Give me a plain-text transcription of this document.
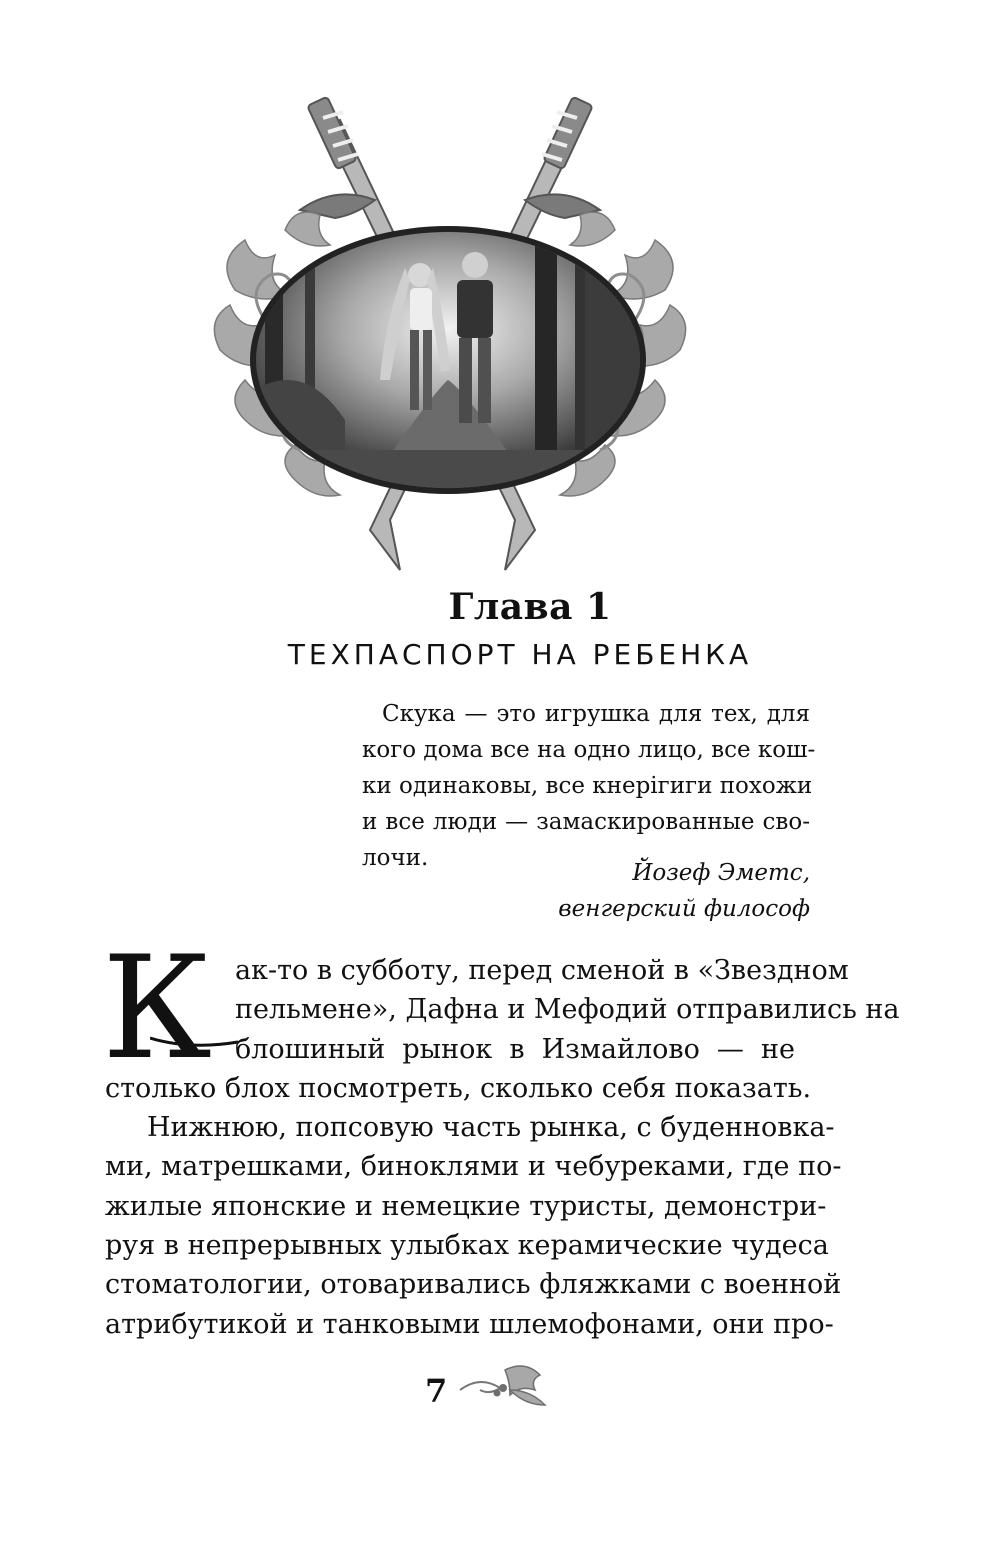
Глава 1
ТЕХПАСПОРТ НА РЕБЕНКА
Скука — это игрушка для тех, для
кого дома все на одно лицо, все кош-
ки одинаковы, все кнерiгиги похожи
и все люди — замаскированные сво-
лочи.
Йозеф Эметс,
венгерский философ
К ак-то в субботу, перед сменой в «Звездном
пельмене», Дафна и Мефодий отправились на
блошиный рынок в Измайлово — не
столько блох посмотреть, сколько себя показать.
Нижнюю, попсовую часть рынка, с буденновка-
ми, матрешками, биноклями и чебуреками, где по-
жилые японские и немецкие туристы, демонстри-
руя в непрерывных улыбках керамические чудеса
стоматологии, отоваривались фляжками с военной
атрибутикой и танковыми шлемофонами, они про-
7
